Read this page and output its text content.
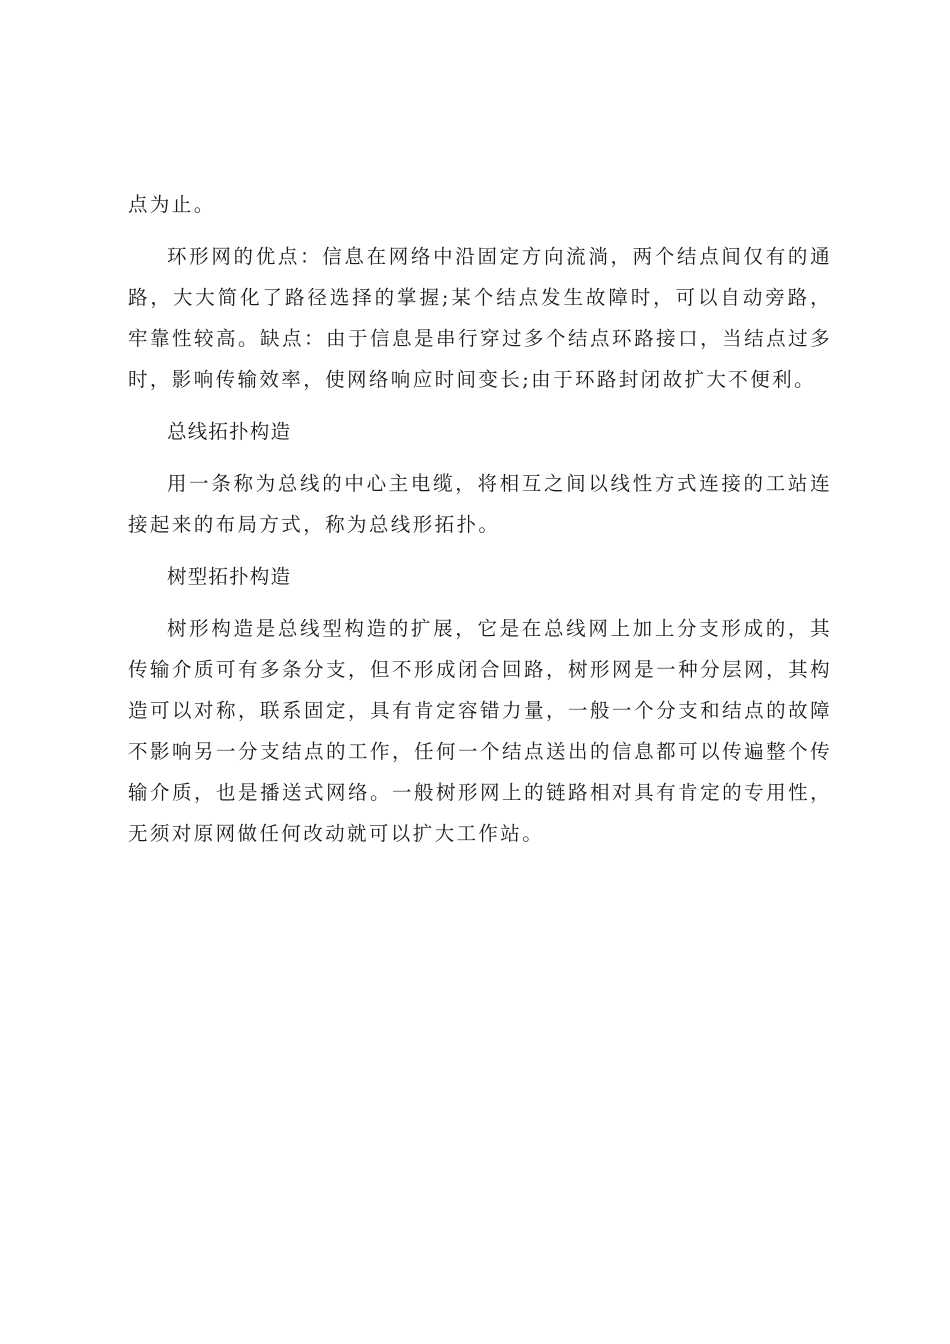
点为止。

环形网的优点：信息在网络中沿固定方向流淌，两个结点间仅有的通路，大大简化了路径选择的掌握;某个结点发生故障时，可以自动旁路，牢靠性较高。缺点：由于信息是串行穿过多个结点环路接口，当结点过多时，影响传输效率，使网络响应时间变长;由于环路封闭故扩大不便利。

总线拓扑构造

用一条称为总线的中心主电缆，将相互之间以线性方式连接的工站连接起来的布局方式，称为总线形拓扑。

树型拓扑构造

树形构造是总线型构造的扩展，它是在总线网上加上分支形成的，其传输介质可有多条分支，但不形成闭合回路，树形网是一种分层网，其构造可以对称，联系固定，具有肯定容错力量，一般一个分支和结点的故障不影响另一分支结点的工作，任何一个结点送出的信息都可以传遍整个传输介质，也是播送式网络。一般树形网上的链路相对具有肯定的专用性，无须对原网做任何改动就可以扩大工作站。
